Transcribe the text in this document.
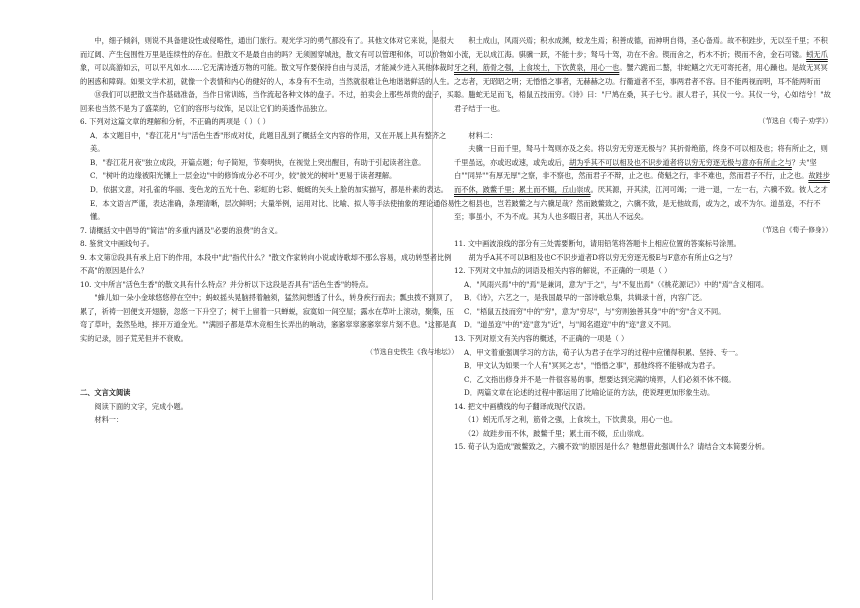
中，细子倾斜，则说不具备建设性或侵略性，通出门旅行。观光学习的勇气都没有了。其他文体对它来说，是很大而辽阔、产生包围性万里是连续性的存在。但散文不是最自由的吗？无须圆穿城池，散文有可以管理和体，可以价物如象，可以高游如云，可以平凡如水……它无满诗透万物的可能。散文写作要保持自由与灵活，才能减少进入其他体裁时的困惑和障碍。如果文学术初，就像一个表情和内心的健好的人，本身有不生动，当然就很难让色地谐谐鲜活的人生。

⑱我们可以把散文当作基础准备，当作日常训练，当作流起各种文体的盘子。不过，拍卖会上那些昂贵的盘子，买回来也当然不是为了盛菜的，它们的容形与纹饰，足以让它们的美透作品独立。

6. 下列对这篇文章的理解和分析，不正确的两项是（ ）（ ）

A．本文题目中，"春江花月"与"活色生香"形成对仗，此题目乱到了概括全文内容的作用，又在开展上具有整齐之美。

B．"春江花月夜"独立成段，开篇点题；句子简短，节奏明快，在视觉上突出醒目，有助于引起读者注意。

C．"树叶的边缘被阳光镶上一层金边"中的修饰成分必不可少，较"彼光的树叶"更易于读者理解。

D．依据文意，对孔雀的华丽、变色龙的五光十色、彩虹的七彩、蜓蜓的矢头上脸的加实描写，都是朴素的表达。

E．本文语言严谨，表达准确，条理清晰，层次鲜明；大量举例，运用对比、比喻、拟人等手法使抽象的理论通俗易懂。

7. 请概括文中倡导的"简洁"的多重内涵及"必要的浪费"的含义。

8. 鉴赏文中画线句子。

9. 本文第⑫段具有承上启下的作用，本段中"此"指代什么？"散文作家转向小说或诗歌却不那么容易，成功转型者比例不高"的原因是什么？

10. 文中所言"活色生香"的散文具有什么特点？并分析以下这段是否具有"活色生香"的特点。

"蜂儿如一朵小金球悠悠停在空中；蚂蚁摇头晃脑捋着触须，猛然间想透了什么，转身疾行而去；瓢虫拨不到顶了，累了，祈祷一回便支开翅膀，忽悠一下升空了；树干上留着一只蝉蜕，寂寞如一间空屋；露水在草叶上滚动，聚集，压弯了草叶，轰然坠地，摔开万道金光。""满园子都是草木竞相生长弄出的响动，窸窸窣窣窸窸窣窣片刻不息。"这都是真实的记录，园子荒芜但并不衰败。

（节选自史铁生《我与地坛》）

二、文言文阅读

阅读下面的文字，完成小题。

材料一：

积土成山，风雨兴焉；积水成渊，蛟龙生焉；积善成德，而神明自得，圣心备焉。故不积跬步，无以至千里；不积小流，无以成江海。骐骥一跃，不能十步；驽马十驾，功在不舍。锲而舍之，朽木不折；锲而不舍，金石可镂。蚓无爪牙之利，筋骨之强，上食埃土，下饮黄泉，用心一也。蟹六跪而二螯，非蛇鳝之穴无可寄托者，用心躁也。是故无冥冥之志者，无昭昭之明；无惛惛之事者，无赫赫之功。行衢道者不至，事两君者不容。目不能两视而明，耳不能两听而聪。螣蛇无足而飞，梧鼠五技而穷。《诗》曰："尸鸠在桑，其子七兮。淑人君子，其仪一兮。其仪一兮，心如结兮！"故君子结于一也。

（节选自《荀子·劝学》）

材料二：

夫骥一日而千里，驽马十驾则亦及之矣。将以穷无穷逐无极与？其折骨绝筋，终身不可以相及也；将有所止之，则千里虽远，亦或迟或速，或先或后，胡为乎其不可以相及也不识步道者将以穷无穷逐无极与意亦有所止之与？夫"坚白""同异""有厚无厚"之察，非不察也，然而君子不辩，止之也。倚魁之行，非不难也，然而君子不行，止之也。故跬步而不休，跛鳖千里；累土而不辍，丘山崇成。厌其源，开其渎，江河可竭；一进一退，一左一右，六骥不致。彼人之才性之相县也，岂若跛鳖之与六骥足哉？然而跛鳖致之，六骥不致，是无他故焉，或为之，或不为尔。道虽迩，不行不至；事虽小，不为不成。其为人也多暇日者，其出人不远矣。

（节选自《荀子·修身》）

11. 文中画波浪线的部分有三处需要断句，请用铅笔将答题卡上相应位置的答案标号涂黑。

胡为乎A其不可以B相及也C不识步道者D将以穷无穷逐无极E与F意亦有所止G之与？

12. 下列对文中加点的词语及相关内容的解说，不正确的一项是（ ）

A．"风雨兴焉"中的"焉"是兼词，意为"于之"，与"不复出焉"（《桃花源记》）中的"焉"含义相同。

B．《诗》，六艺之一，是我国最早的一部诗歌总集，共辑录十首，内容广泛。

C．"梧鼠五技而穷"中的"穷"，意为"穷尽"，与"穷则独善其身"中的"穷"含义不同。

D．"道虽迩"中的"迩"意为"近"，与"闻名遐迩"中的"迩"意义不同。

13. 下列对原文有关内容的概述，不正确的一项是（ ）

A．甲文着重强调学习的方法，荀子认为君子在学习的过程中应懂得积累、坚持、专一。

B．甲文认为如果一个人有"冥冥之志"，"惛惛之事"，那他终将不能够成为君子。

C．乙文指出修身并不是一件很容易的事，想要达到完满的境界，人们必须不休不辍。

D．两篇文章在论述的过程中都运用了比喻论证的方法，使说理更加形象生动。

14. 把文中画横线的句子翻译成现代汉语。

（1）蚓无爪牙之利，筋骨之强，上食埃土，下饮黄泉，用心一也。

（2）故跬步而不休，跛鳖千里；累土而不辍，丘山崇成。

15. 荀子认为造成"跛鳖致之，六骥不致"的原因是什么？牠想借此强调什么？请结合文本简要分析。
